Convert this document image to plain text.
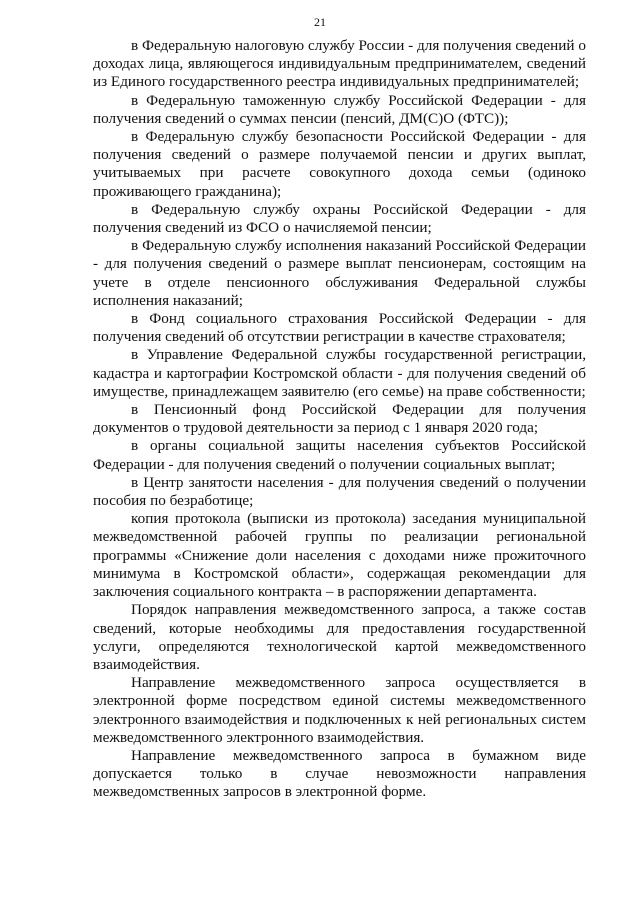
21

в Федеральную налоговую службу России - для получения сведений о доходах лица, являющегося индивидуальным предпринимателем, сведений из Единого государственного реестра индивидуальных предпринимателей;

в Федеральную таможенную службу Российской Федерации - для получения сведений о суммах пенсии (пенсий, ДМ(С)О (ФТС));

в Федеральную службу безопасности Российской Федерации - для получения сведений о размере получаемой пенсии и других выплат, учитываемых при расчете совокупного дохода семьи (одиноко проживающего гражданина);

в Федеральную службу охраны Российской Федерации - для получения сведений из ФСО о начисляемой пенсии;

в Федеральную службу исполнения наказаний Российской Федерации - для получения сведений о размере выплат пенсионерам, состоящим на учете в отделе пенсионного обслуживания Федеральной службы исполнения наказаний;

в Фонд социального страхования Российской Федерации - для получения сведений об отсутствии регистрации в качестве страхователя;

в Управление Федеральной службы государственной регистрации, кадастра и картографии Костромской области - для получения сведений об имуществе, принадлежащем заявителю (его семье) на праве собственности;

в Пенсионный фонд Российской Федерации для получения документов о трудовой деятельности за период с 1 января 2020 года;

в органы социальной защиты населения субъектов Российской Федерации - для получения сведений о получении социальных выплат;

в Центр занятости населения - для получения сведений о получении пособия по безработице;

копия протокола (выписки из протокола) заседания муниципальной межведомственной рабочей группы по реализации региональной программы «Снижение доли населения с доходами ниже прожиточного минимума в Костромской области», содержащая рекомендации для заключения социального контракта – в распоряжении департамента.

Порядок направления межведомственного запроса, а также состав сведений, которые необходимы для предоставления государственной услуги, определяются технологической картой межведомственного взаимодействия.

Направление межведомственного запроса осуществляется в электронной форме посредством единой системы межведомственного электронного взаимодействия и подключенных к ней региональных систем межведомственного электронного взаимодействия.

Направление межведомственного запроса в бумажном виде допускается только в случае невозможности направления межведомственных запросов в электронной форме.
